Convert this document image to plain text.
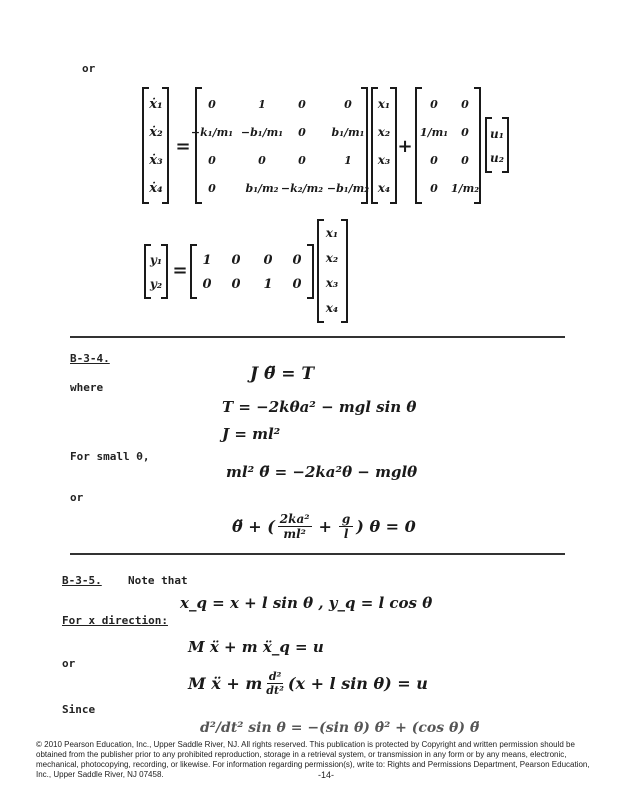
or
B-3-4.
where
For small θ,
or
B-3-5. Note that
For x direction:
or
Since
ẋ₁
ẋ₂
ẋ₃
ẋ₄
=
0	1	0	0
−k₁/m₁ −b₁/m₁ 0 b₁/m₁
0	0	0	1
0	b₁/m₂ −k₂/m₂ −b₁/m₂
x₁
x₂
x₃
x₄
+
0 0
1/m₁ 0
0 0
0 1/m₂
u₁
u₂
y₁
y₂
= 1 0 0 0
0 0 1 0
x₁
x₂
x₃
x₄
J θ̈ = T
T = −2kθa² − mgl sin θ
J = ml²
ml² θ̈ = −2ka²θ − mglθ
θ̈ + ( $\frac{\text{2ka²}}{\text{ml²}} + \frac{g}{l}$ ) θ = 0
x_q = x + l sin θ , y_q = l cos θ
M ẍ + m ẍ_q = u
M ẍ + m $\frac{\text{d²}}{\text{dt²}} (x + l$ sin θ) = u
d²/dt² sin θ = −(sin θ) θ̇² + (cos θ) θ̈
© 2010 Pearson Education, Inc., Upper Saddle River, NJ. All rights reserved. This publication is protected by Copyright and written permission should be obtained from the publisher prior to any prohibited reproduction, storage in a retrieval system, or transmission in any form or by any means, electronic, mechanical, photocopying, recording, or likewise. For information regarding permission(s), write to: Rights and Permissions Department, Pearson Education, Inc., Upper Saddle River, NJ 07458.	-14-
